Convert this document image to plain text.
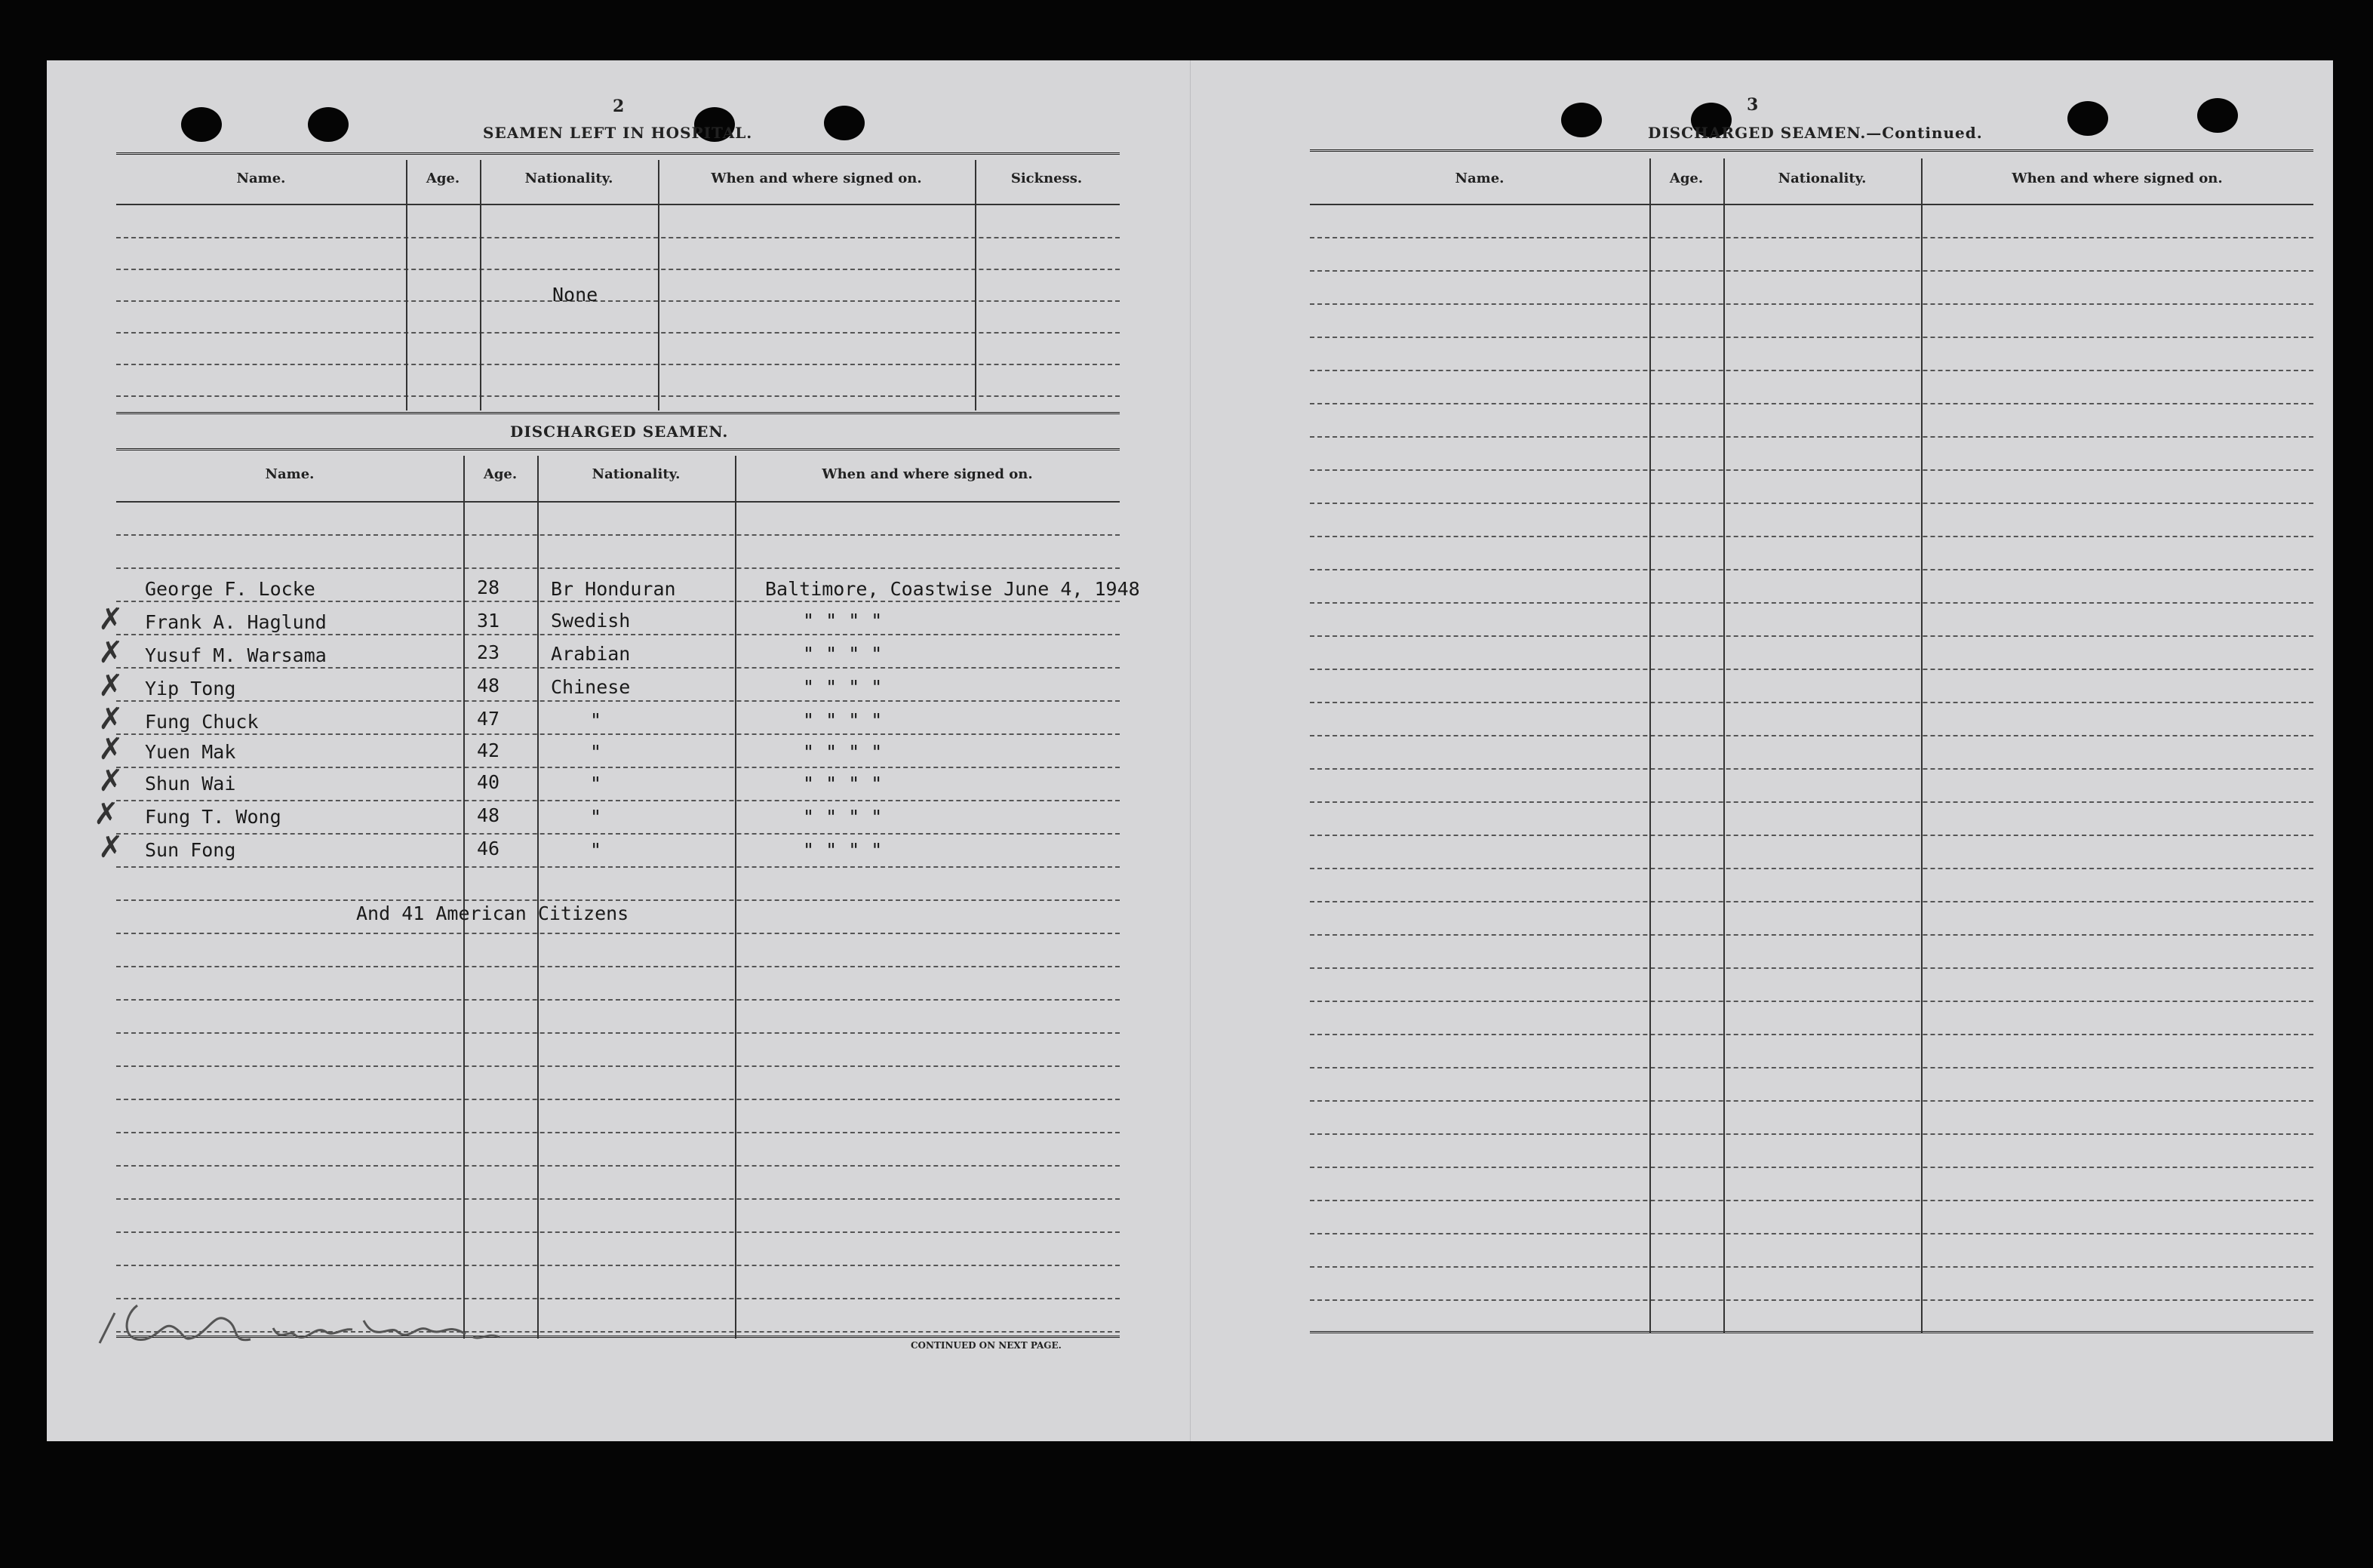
2
SEAMEN LEFT IN HOSPITAL.
Name.	Age.	Nationality.	When and where signed on.	Sickness.
None
DISCHARGED SEAMEN.
Name.	Age.	Nationality.	When and where signed on.
George F. Locke	28	Br Honduran	Baltimore, Coastwise June 4, 1948
✗ Frank A. Haglund	31	Swedish	" " " "
✗ Yusuf M. Warsama	23	Arabian	" " " "
✗ Yip Tong	48	Chinese	" " " "
✗ Fung Chuck	47	"	" " " "
✗ Yuen Mak	42	"	" " " "
✗ Shun Wai	40	"	" " " "
✗ Fung T. Wong	48	"	" " " "
✗ Sun Fong	46	"	" " " "
And 41 American Citizens
CONTINUED ON NEXT PAGE.
3
DISCHARGED SEAMEN.—Continued.
Name.	Age.	Nationality.	When and where signed on.
